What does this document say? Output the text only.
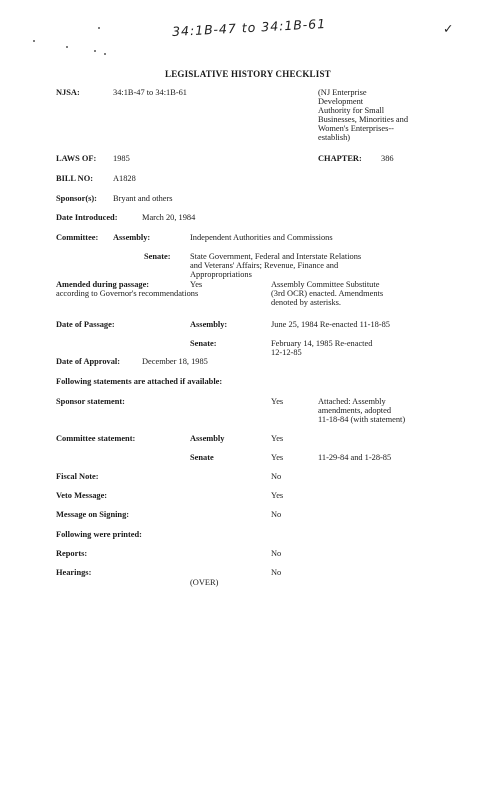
34:1B-47 to 34:1B-61	✓
LEGISLATIVE HISTORY CHECKLIST
NJSA:	34:1B-47 to 34:1B-61	(NJ Enterprise
Development
Authority for Small
Businesses, Minorities and
Women's Enterprises--
establish)
LAWS OF: 1985	CHAPTER: 386
BILL NO: A1828
Sponsor(s): Bryant and others
Date Introduced:	March 20, 1984
Committee: Assembly:	Independent Authorities and Commissions
Senate: State Government, Federal and Interstate Relations
and Veterans' Affairs; Revenue, Finance and
Appropropriations
Amended during passage:	Yes	Assembly Committee Substitute
according to Governor's recommendations	(3rd OCR) enacted. Amendments
denoted by asterisks.
Date of Passage:	Assembly:	June 25, 1984 Re-enacted 11-18-85
Senate:	February 14, 1985 Re-enacted
12-12-85
Date of Approval:	December 18, 1985
Following statements are attached if available:
Sponsor statement:	Yes	Attached: Assembly
amendments, adopted
11-18-84 (with statement)
Committee statement:	Assembly	Yes
Senate	Yes	11-29-84 and 1-28-85
Fiscal Note:	No
Veto Message:	Yes
Message on Signing:	No
Following were printed:
Reports:	No
Hearings:	No
(OVER)
